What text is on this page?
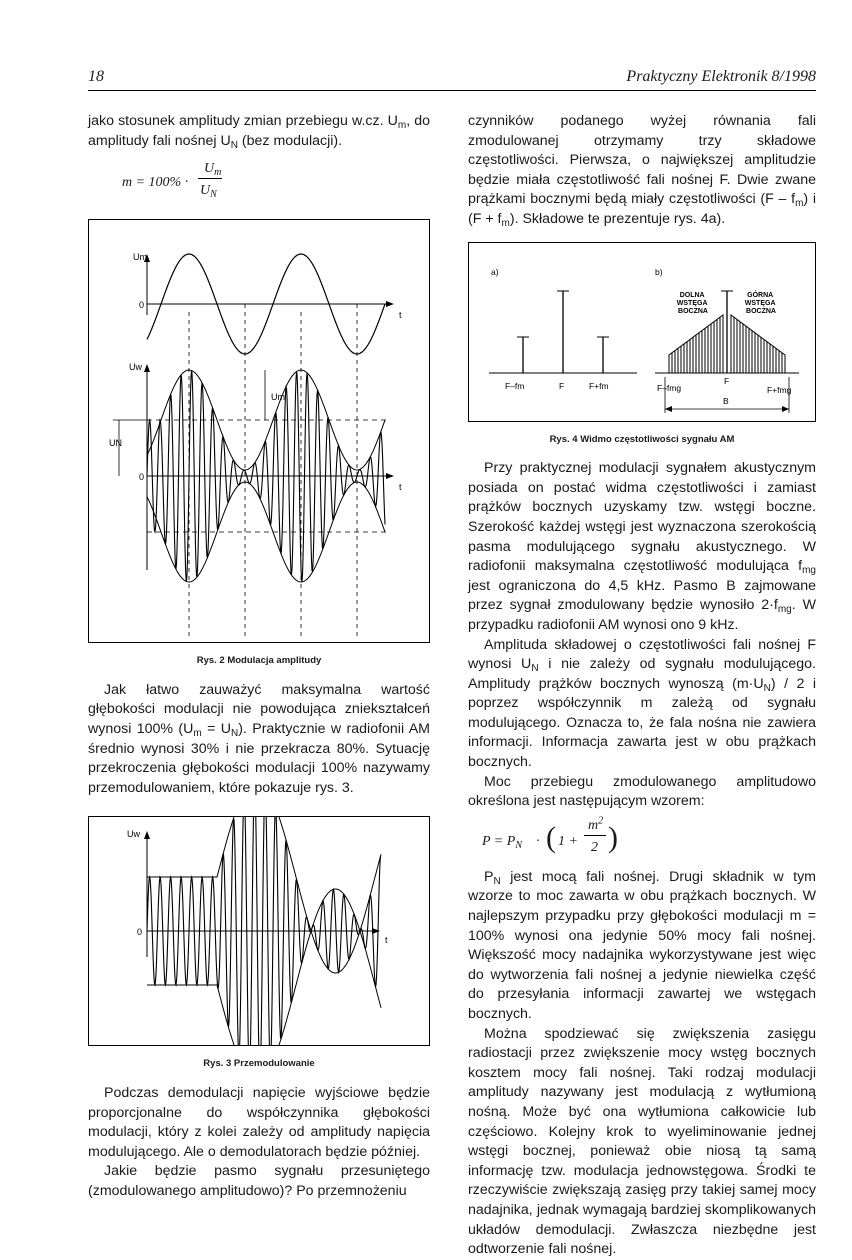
18	Praktyczny Elektronik 8/1998

jako stosunek amplitudy zmian przebiegu w.cz. $U_m$, do amplitudy fali nośnej $U_N$ (bez modulacji).

m = 100% ·
$U_m$
$U_N$
Um
0
t
Uw
0
t
UN
Um
Rys. 2 Modulacja amplitudy

Jak łatwo zauważyć maksymalna wartość głębokości modulacji nie powodująca zniekształceń wynosi 100% $(U_m = U_N)$. Praktycznie w radiofonii AM średnio wynosi 30% i nie przekracza 80%. Sytuację przekroczenia głębokości modulacji 100% nazywamy przemodulowaniem, które pokazuje rys. 3.

Uw
0
t
Rys. 3 Przemodulowanie

Podczas demodulacji napięcie wyjściowe będzie proporcjonalne do współczynnika głębokości modulacji, który z kolei zależy od amplitudy napięcia modulującego. Ale o demodulatorach będzie później.

Jakie będzie pasmo sygnału przesuniętego (zmodulowanego amplitudowo)? Po przemnożeniu

czynników podanego wyżej równania fali zmodulowanej otrzymamy trzy składowe częstotliwości. Pierwsza, o największej amplitudzie będzie miała częstotliwość fali nośnej F. Dwie zwane prążkami bocznymi będą miały częstotliwości $(F - f_m)$ i $(F + f_m)$. Składowe te prezentuje rys. 4a).

a)	b)
F–fm	F	F+fm
DOLNA WSTĘGA BOCZNA
GÓRNA WSTĘGA BOCZNA
F
F–fmg	F+fmg
B
Rys. 4 Widmo częstotliwości sygnału AM

Przy praktycznej modulacji sygnałem akustycznym posiada on postać widma częstotliwości i zamiast prążków bocznych uzyskamy tzw. wstęgi boczne. Szerokość każdej wstęgi jest wyznaczona szerokością pasma modulującego sygnału akustycznego. W radiofonii maksymalna częstotliwość modulująca $f_{mg}$ jest ograniczona do 4,5 kHz. Pasmo B zajmowane przez sygnał zmodulowany będzie wynosiło $2\cdot f_{mg}$. W przypadku radiofonii AM wynosi ono 9 kHz.

Amplituda składowej o częstotliwości fali nośnej F wynosi $U_N$ i nie zależy od sygnału modulującego. Amplitudy prążków bocznych wynoszą $(m\cdot U_N) / 2$ i poprzez współczynnik m zależą od sygnału modulującego. Oznacza to, że fala nośna nie zawiera informacji. Informacja zawarta jest w obu prążkach bocznych.

Moc przebiegu zmodulowanego amplitudowo określona jest następującym wzorem:

$P = P_N$ · ( 1 +
$m^2$
2 )

$P_N$ jest mocą fali nośnej. Drugi składnik w tym wzorze to moc zawarta w obu prążkach bocznych. W najlepszym przypadku przy głębokości modulacji m = 100% wynosi ona jedynie 50% mocy fali nośnej. Większość mocy nadajnika wykorzystywane jest więc do wytworzenia fali nośnej a jedynie niewielka część do przesyłania informacji zawartej we wstęgach bocznych.

Można spodziewać się zwiększenia zasięgu radiostacji przez zwiększenie mocy wstęg bocznych kosztem mocy fali nośnej. Taki rodzaj modulacji amplitudy nazywany jest modulacją z wytłumioną nośną. Może być ona wytłumiona całkowicie lub częściowo. Kolejny krok to wyeliminowanie jednej wstęgi bocznej, ponieważ obie niosą tą samą informację tzw. modulacja jednowstęgowa. Środki te rzeczywiście zwiększają zasięg przy takiej samej mocy nadajnika, jednak wymagają bardziej skomplikowanych układów demodulacji. Zwłaszcza niezbędne jest odtworzenie fali nośnej.
